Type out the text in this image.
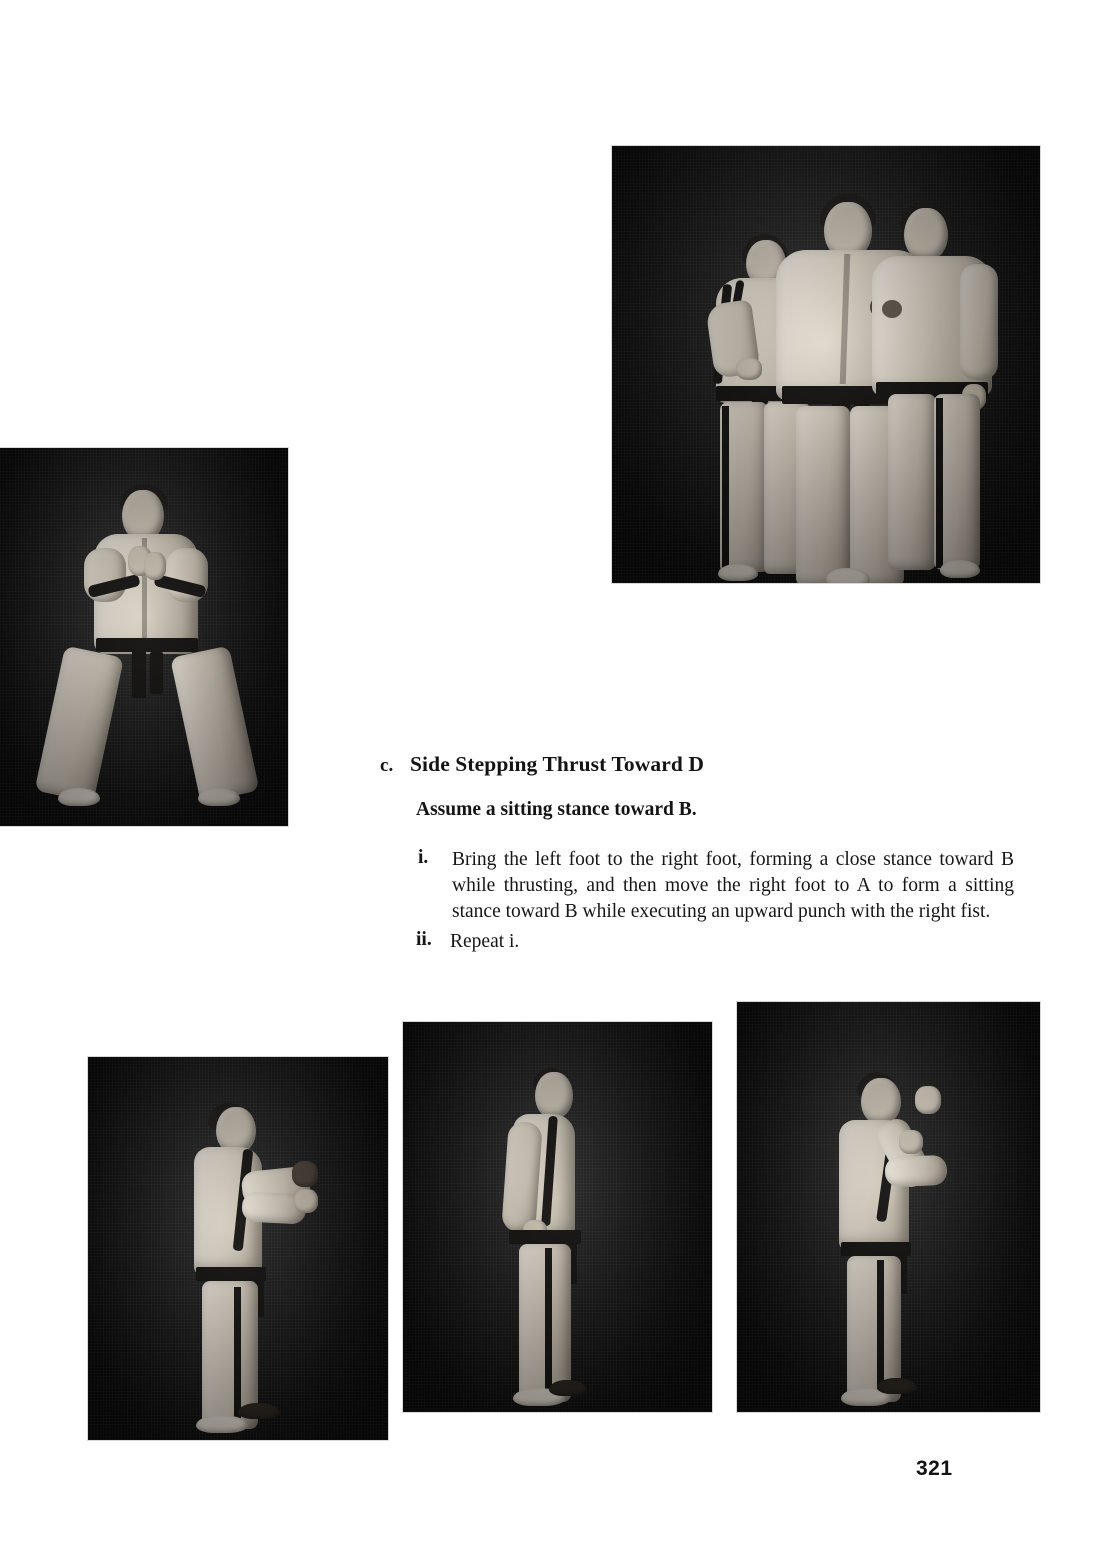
c. Side Stepping Thrust Toward D
Assume a sitting stance toward B.
i.	Bring the left foot to the right foot, forming a close stance toward B while thrusting, and then move the right foot to A to form a sitting stance toward B while executing an upward punch with the right fist.
ii. Repeat i.
321
